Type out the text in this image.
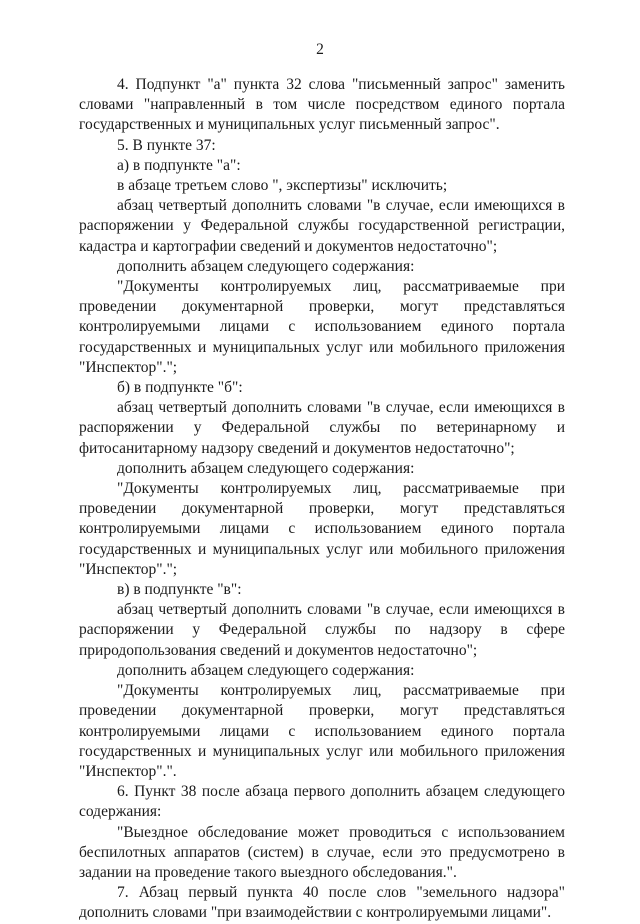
2

4. Подпункт "а" пункта 32 слова "письменный запрос" заменить словами "направленный в том числе посредством единого портала государственных и муниципальных услуг письменный запрос".

5. В пункте 37:

а) в подпункте "а":

в абзаце третьем слово ", экспертизы" исключить;

абзац четвертый дополнить словами "в случае, если имеющихся в распоряжении у Федеральной службы государственной регистрации, кадастра и картографии сведений и документов недостаточно";

дополнить абзацем следующего содержания:

"Документы контролируемых лиц, рассматриваемые при проведении документарной проверки, могут представляться контролируемыми лицами с использованием единого портала государственных и муниципальных услуг или мобильного приложения "Инспектор".";

б) в подпункте "б":

абзац четвертый дополнить словами "в случае, если имеющихся в распоряжении у Федеральной службы по ветеринарному и фитосанитарному надзору сведений и документов недостаточно";

дополнить абзацем следующего содержания:

"Документы контролируемых лиц, рассматриваемые при проведении документарной проверки, могут представляться контролируемыми лицами с использованием единого портала государственных и муниципальных услуг или мобильного приложения "Инспектор".";

в) в подпункте "в":

абзац четвертый дополнить словами "в случае, если имеющихся в распоряжении у Федеральной службы по надзору в сфере природопользования сведений и документов недостаточно";

дополнить абзацем следующего содержания:

"Документы контролируемых лиц, рассматриваемые при проведении документарной проверки, могут представляться контролируемыми лицами с использованием единого портала государственных и муниципальных услуг или мобильного приложения "Инспектор".".

6. Пункт 38 после абзаца первого дополнить абзацем следующего содержания:

"Выездное обследование может проводиться с использованием беспилотных аппаратов (систем) в случае, если это предусмотрено в задании на проведение такого выездного обследования.".

7. Абзац первый пункта 40 после слов "земельного надзора" дополнить словами "при взаимодействии с контролируемыми лицами".
